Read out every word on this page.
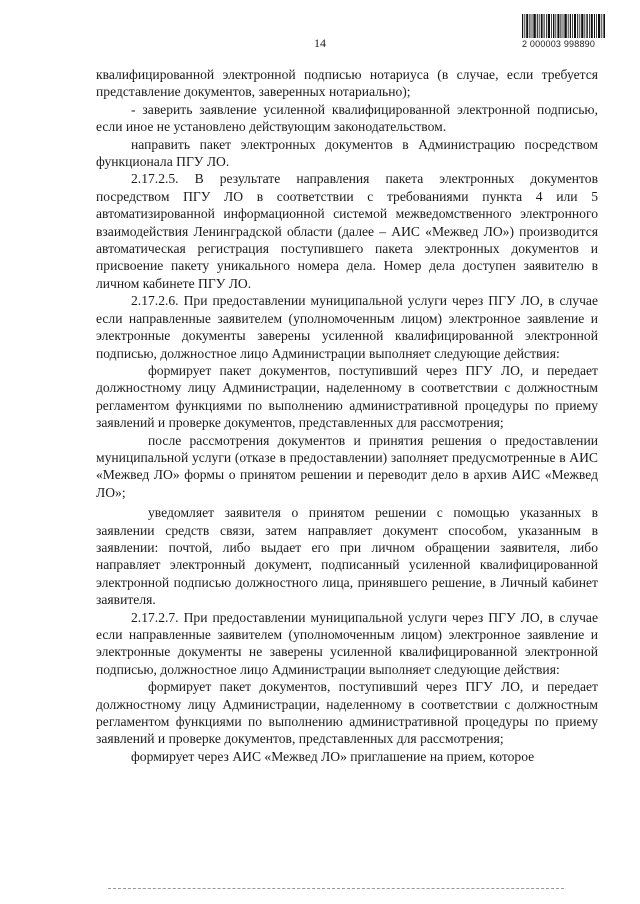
14	2 000003 998890

квалифицированной электронной подписью нотариуса (в случае, если требуется представление документов, заверенных нотариально);

- заверить заявление усиленной квалифицированной электронной подписью, если иное не установлено действующим законодательством.

направить пакет электронных документов в Администрацию посредством функционала ПГУ ЛО.

2.17.2.5. В результате направления пакета электронных документов посредством ПГУ ЛО в соответствии с требованиями пункта 4 или 5 автоматизированной информационной системой межведомственного электронного взаимодействия Ленинградской области (далее – АИС «Межвед ЛО») производится автоматическая регистрация поступившего пакета электронных документов и присвоение пакету уникального номера дела. Номер дела доступен заявителю в личном кабинете ПГУ ЛО.

2.17.2.6. При предоставлении муниципальной услуги через ПГУ ЛО, в случае если направленные заявителем (уполномоченным лицом) электронное заявление и электронные документы заверены усиленной квалифицированной электронной подписью, должностное лицо Администрации выполняет следующие действия:

формирует пакет документов, поступивший через ПГУ ЛО, и передает должностному лицу Администрации, наделенному в соответствии с должностным регламентом функциями по выполнению административной процедуры по приему заявлений и проверке документов, представленных для рассмотрения;

после рассмотрения документов и принятия решения о предоставлении муниципальной услуги (отказе в предоставлении) заполняет предусмотренные в АИС «Межвед ЛО» формы о принятом решении и переводит дело в архив АИС «Межвед ЛО»;

уведомляет заявителя о принятом решении с помощью указанных в заявлении средств связи, затем направляет документ способом, указанным в заявлении: почтой, либо выдает его при личном обращении заявителя, либо направляет электронный документ, подписанный усиленной квалифицированной электронной подписью должностного лица, принявшего решение, в Личный кабинет заявителя.

2.17.2.7. При предоставлении муниципальной услуги через ПГУ ЛО, в случае если направленные заявителем (уполномоченным лицом) электронное заявление и электронные документы не заверены усиленной квалифицированной электронной подписью, должностное лицо Администрации выполняет следующие действия:

формирует пакет документов, поступивший через ПГУ ЛО, и передает должностному лицу Администрации, наделенному в соответствии с должностным регламентом функциями по выполнению административной процедуры по приему заявлений и проверке документов, представленных для рассмотрения;

формирует через АИС «Межвед ЛО» приглашение на прием, которое
